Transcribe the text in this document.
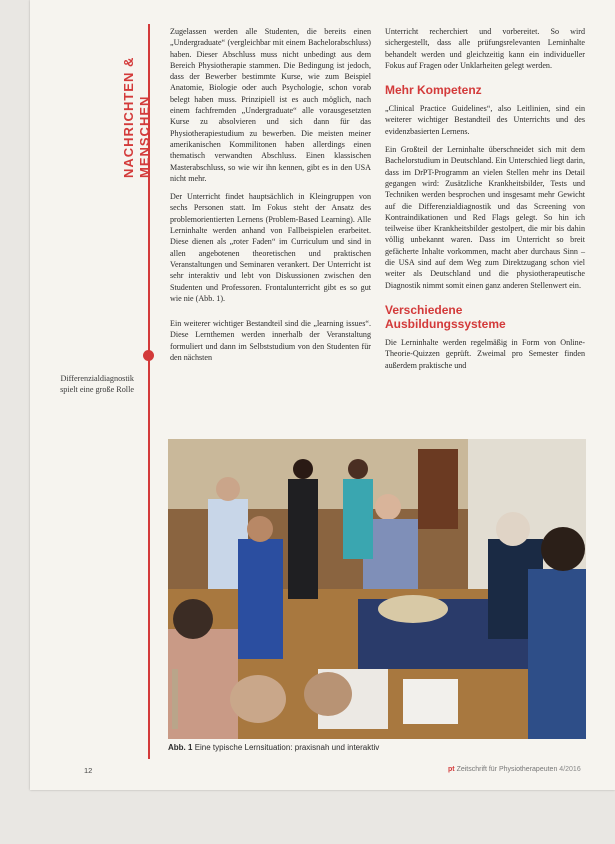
NACHRICHTEN & MENSCHEN
Differenzialdiagnostik spielt eine große Rolle

Zugelassen werden alle Studenten, die bereits einen „Undergraduate“ (vergleichbar mit einem Bachelorabschluss) haben. Dieser Abschluss muss nicht unbedingt aus dem Bereich Physiotherapie stammen. Die Bedingung ist jedoch, dass der Bewerber bestimmte Kurse, wie zum Beispiel Anatomie, Biologie oder auch Psychologie, schon vorab belegt haben muss. Prinzipiell ist es auch möglich, nach einem fachfremden „Undergraduate“ alle vorausgesetzten Kurse zu absolvieren und sich dann für das Physiotherapiestudium zu bewerben. Die meisten meiner amerikanischen Kommilitonen haben allerdings einen thematisch verwandten Abschluss. Einen klassischen Masterabschluss, so wie wir ihn kennen, gibt es in den USA nicht mehr.

Der Unterricht findet hauptsächlich in Kleingruppen von sechs Personen statt. Im Fokus steht der Ansatz des problemorientierten Lernens (Problem-Based Learning). Alle Lerninhalte werden anhand von Fallbeispielen erarbeitet. Diese dienen als „roter Faden“ im Curriculum und sind in allen angebotenen theoretischen und praktischen Veranstaltungen und Seminaren verankert. Der Unterricht ist sehr interaktiv und lebt von Diskussionen zwischen den Studenten und Professoren. Frontalunterricht gibt es so gut wie nie (Abb. 1).

Ein weiterer wichtiger Bestandteil sind die „learning issues“. Diese Lernthemen werden innerhalb der Veranstaltung formuliert und dann im Selbststudium von den Studenten für den nächsten

Unterricht recherchiert und vorbereitet. So wird sichergestellt, dass alle prüfungsrelevanten Lerninhalte behandelt werden und gleichzeitig kann ein individueller Fokus auf Fragen oder Unklarheiten gelegt werden.

Mehr Kompetenz

„Clinical Practice Guidelines“, also Leitlinien, sind ein weiterer wichtiger Bestandteil des Unterrichts und des evidenzbasierten Lernens.

Ein Großteil der Lerninhalte überschneidet sich mit dem Bachelorstudium in Deutschland. Ein Unterschied liegt darin, dass im DrPT-Programm an vielen Stellen mehr ins Detail gegangen wird: Zusätzliche Krankheitsbilder, Tests und Techniken werden besprochen und insgesamt mehr Gewicht auf die Differenzialdiagnostik und das Screening von Kontraindikationen und Red Flags gelegt. So hin ich teilweise über Krankheitsbilder gestolpert, die mir bis dahin völlig unbekannt waren. Dass im Unterricht so breit gefächerte Inhalte vorkommen, macht aber durchaus Sinn – die USA sind auf dem Weg zum Direktzugang schon viel weiter als Deutschland und die physiotherapeutische Diagnostik nimmt somit einen ganz anderen Stellenwert ein.

Verschiedene Ausbildungssysteme

Die Lerninhalte werden regelmäßig in Form von Online-Theorie-Quizzen geprüft. Zweimal pro Semester finden außerdem praktische und

Abb. 1 Eine typische Lernsituation: praxisnah und interaktiv
12	pt Zeitschrift für Physiotherapeuten 4/2016
